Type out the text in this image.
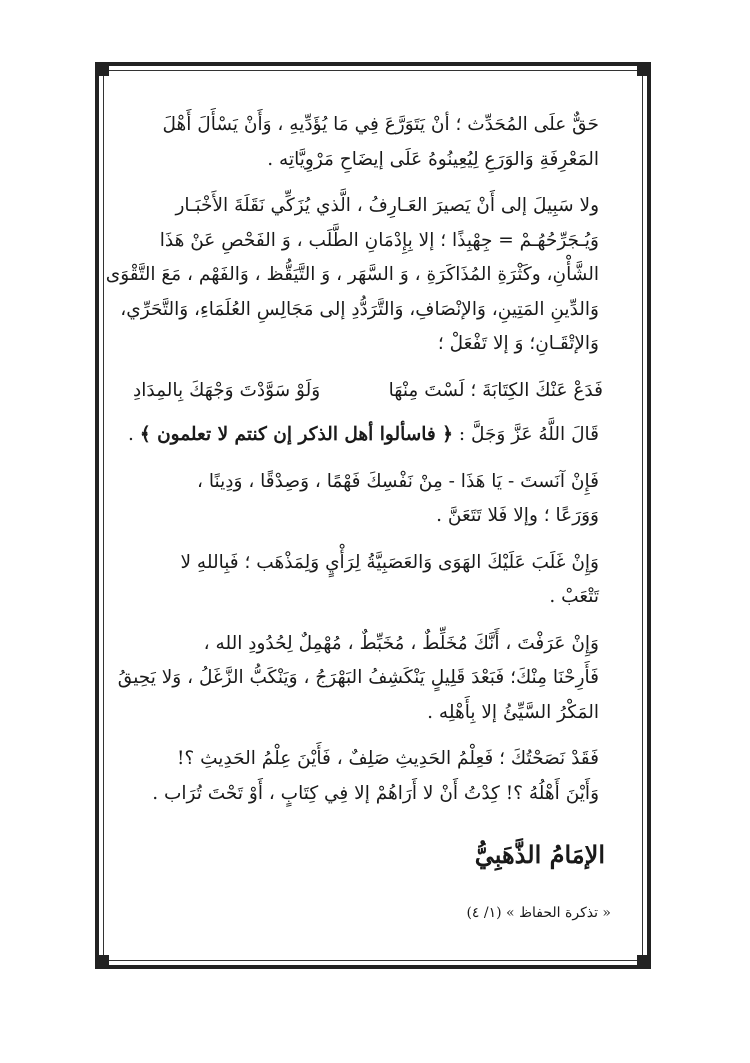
حَقٌّ علَى المُحَدِّث ؛ أنْ يَتَوَرَّعَ فِي مَا يُؤَدِّيهِ ، وَأَنْ يَسْأَلَ أَهْلَ
المَعْرِفَةِ وَالوَرَعِ لِيُعِينُوهُ عَلَى إيضَاحِ مَرْوِيَّاتِه .

ولا سَبِيلَ إلى أَنْ يَصيرَ العَـارِفُ ، الَّذي يُزَكِّي نَقَلَةَ الأَخْبَـار
وَيُـجَرِّحُهُـمْ = جِهْبِذًا ؛ إلا بِإِدْمَانِ الطَّلَب ، وَ الفَحْصِ عَنْ هَذَا
الشَّأْنِ، وكَثْرَةِ المُذَاكَرَةِ ، وَ السَّهَر ، وَ التَّيَقُّظ ، وَالفَهْم ، مَعَ التَّقْوَى
وَالدِّينِ المَتِينِ، وَالإنْصَافِ، وَالتَّرَدُّدِ إلى مَجَالِسِ العُلَمَاءِ، وَالتَّحَرِّي،
وَالإتْقَـانِ؛ وَ إلا تَفْعَلْ ؛

فَدَعْ عَنْكَ الكِتَابَةَ ؛ لَسْتَ مِنْهَا
وَلَوْ سَوَّدْتَ وَجْهَكَ بِالمِدَادِ

قَالَ اللَّهُ عَزَّ وَجَلَّ : ﴿ فاسألوا أهل الذكر إن كنتم لا تعلمون ﴾ .

فَإِنْ آنَستَ - يَا هَذَا - مِنْ نَفْسِكَ فَهْمًا ، وَصِدْقًا ، وَدِينًا ،
وَوَرَعًا ؛ وإلا فَلا تَتَعَنَّ .

وَإِنْ غَلَبَ عَلَيْكَ الهَوَى وَالعَصَبِيَّةُ لِرَأْيٍ وَلِمَذْهَب ؛ فَبِاللهِ لا
تَتْعَبْ .

وَإِنْ عَرَفْتَ ، أَنَّكَ مُخَلِّطٌ ، مُخَبِّطٌ ، مُهْمِلٌ لِحُدُودِ الله ،
فَأَرِحْنَا مِنْكَ؛ فَبَعْدَ قَلِيلٍ يَنْكَشِفُ البَهْرَجُ ، وَيَنْكَبُّ الزَّغَلُ ، وَلا يَحِيقُ
المَكْرُ السَّيِّئُ إلا بِأَهْلِه .

فَقَدْ نَصَحْتُكَ ؛ فَعِلْمُ الحَدِيثِ صَلِفٌ ، فَأَيْنَ عِلْمُ الحَدِيثِ ؟!
وَأَيْنَ أَهْلُهُ ؟! كِدْتُ أَنْ لا أَرَاهُمْ إلا فِي كِتَابٍ ، أَوْ تَحْتَ تُرَاب .

الإمَامُ الذَّهَبِيُّ
« تذكرة الحفاظ » (١/ ٤)
